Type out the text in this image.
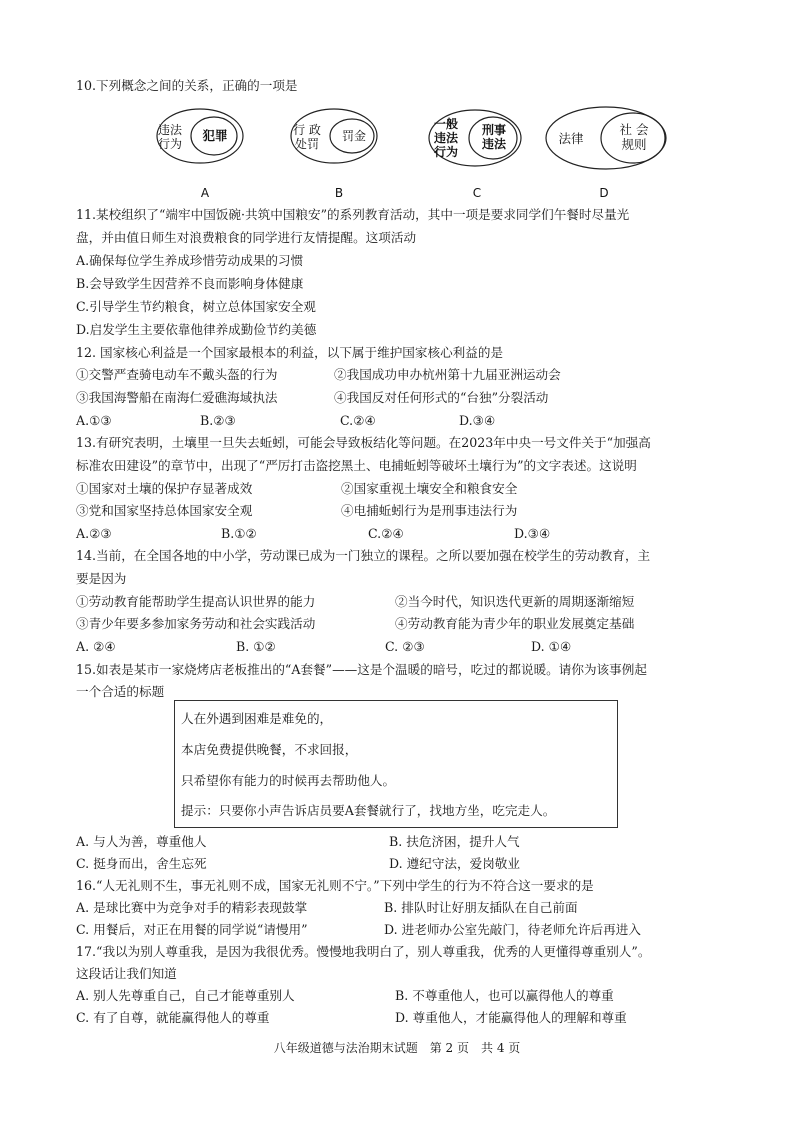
10.下列概念之间的关系，正确的一项是
违法
行为
犯罪
A
行 政
处罚
罚金
B
一般
违法
行为
刑事
违法
C
法律
社 会
规则
D
11.某校组织了“端牢中国饭碗·共筑中国粮安”的系列教育活动，其中一项是要求同学们午餐时尽量光
盘，并由值日师生对浪费粮食的同学进行友情提醒。这项活动
A.确保每位学生养成珍惜劳动成果的习惯
B.会导致学生因营养不良而影响身体健康
C.引导学生节约粮食，树立总体国家安全观
D.启发学生主要依靠他律养成勤俭节约美德
12. 国家核心利益是一个国家最根本的利益，以下属于维护国家核心利益的是
①交警严查骑电动车不戴头盔的行为	②我国成功申办杭州第十九届亚洲运动会
③我国海警船在南海仁爱礁海域执法	④我国反对任何形式的“台独”分裂活动
A.①③	B.②③	C.②④	D.③④
13.有研究表明，土壤里一旦失去蚯蚓，可能会导致板结化等问题。在2023年中央一号文件关于“加强高
标准农田建设”的章节中，出现了“严厉打击盗挖黑土、电捕蚯蚓等破坏土壤行为”的文字表述。这说明
①国家对土壤的保护存显著成效	②国家重视土壤安全和粮食安全
③党和国家坚持总体国家安全观	④电捕蚯蚓行为是刑事违法行为
A.②③	B.①②	C.②④	D.③④
14.当前，在全国各地的中小学，劳动课已成为一门独立的课程。之所以要加强在校学生的劳动教育，主
要是因为
①劳动教育能帮助学生提高认识世界的能力	②当今时代，知识迭代更新的周期逐渐缩短
③青少年要多参加家务劳动和社会实践活动	④劳动教育能为青少年的职业发展奠定基础
A. ②④	B. ①②	C. ②③	D. ①④
15.如表是某市一家烧烤店老板推出的“A套餐”——这是个温暖的暗号，吃过的都说暖。请你为该事例起
一个合适的标题
人在外遇到困难是难免的，
本店免费提供晚餐，不求回报，
只希望你有能力的时候再去帮助他人。
提示：只要你小声告诉店员要A套餐就行了，找地方坐，吃完走人。
A. 与人为善，尊重他人	B. 扶危济困，提升人气
C. 挺身而出，舍生忘死	D. 遵纪守法，爱岗敬业
16.“人无礼则不生，事无礼则不成，国家无礼则不宁。”下列中学生的行为不符合这一要求的是
A. 是球比赛中为竞争对手的精彩表现鼓掌	B. 排队时让好朋友插队在自己前面
C. 用餐后，对正在用餐的同学说“请慢用”	D. 进老师办公室先敲门，待老师允许后再进入
17.“我以为别人尊重我，是因为我很优秀。慢慢地我明白了，别人尊重我，优秀的人更懂得尊重别人”。
这段话让我们知道
A. 别人先尊重自己，自己才能尊重别人	B. 不尊重他人，也可以赢得他人的尊重
C. 有了自尊，就能赢得他人的尊重	D. 尊重他人，才能赢得他人的理解和尊重
八年级道德与法治期末试题　第 2 页　共 4 页
